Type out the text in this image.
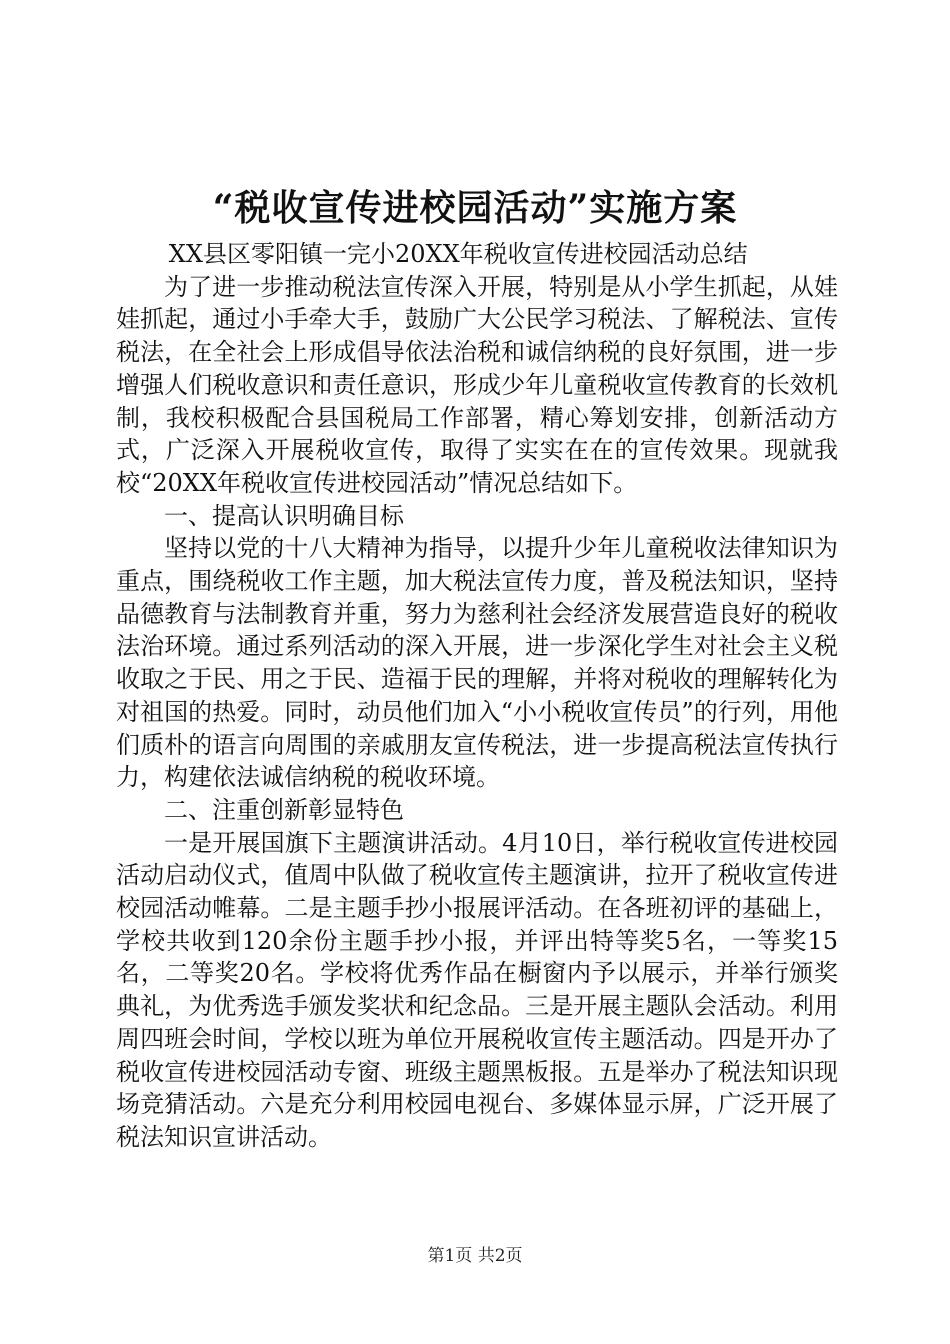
“税收宣传进校园活动”实施方案

XX县区零阳镇一完小20XX年税收宣传进校园活动总结

为了进一步推动税法宣传深入开展，特别是从小学生抓起，从娃娃抓起，通过小手牵大手，鼓励广大公民学习税法、了解税法、宣传税法，在全社会上形成倡导依法治税和诚信纳税的良好氛围，进一步增强人们税收意识和责任意识，形成少年儿童税收宣传教育的长效机制，我校积极配合县国税局工作部署，精心筹划安排，创新活动方式，广泛深入开展税收宣传，取得了实实在在的宣传效果。现就我校“20XX年税收宣传进校园活动”情况总结如下。

一、提高认识明确目标

坚持以党的十八大精神为指导，以提升少年儿童税收法律知识为重点，围绕税收工作主题，加大税法宣传力度，普及税法知识，坚持品德教育与法制教育并重，努力为慈利社会经济发展营造良好的税收法治环境。通过系列活动的深入开展，进一步深化学生对社会主义税收取之于民、用之于民、造福于民的理解，并将对税收的理解转化为对祖国的热爱。同时，动员他们加入“小小税收宣传员”的行列，用他们质朴的语言向周围的亲戚朋友宣传税法，进一步提高税法宣传执行力，构建依法诚信纳税的税收环境。

二、注重创新彰显特色

一是开展国旗下主题演讲活动。4月10日，举行税收宣传进校园活动启动仪式，值周中队做了税收宣传主题演讲，拉开了税收宣传进校园活动帷幕。二是主题手抄小报展评活动。在各班初评的基础上，学校共收到120余份主题手抄小报，并评出特等奖5名，一等奖15名，二等奖20名。学校将优秀作品在橱窗内予以展示，并举行颁奖典礼，为优秀选手颁发奖状和纪念品。三是开展主题队会活动。利用周四班会时间，学校以班为单位开展税收宣传主题活动。四是开办了税收宣传进校园活动专窗、班级主题黑板报。五是举办了税法知识现场竞猜活动。六是充分利用校园电视台、多媒体显示屏，广泛开展了税法知识宣讲活动。

第1页 共2页
